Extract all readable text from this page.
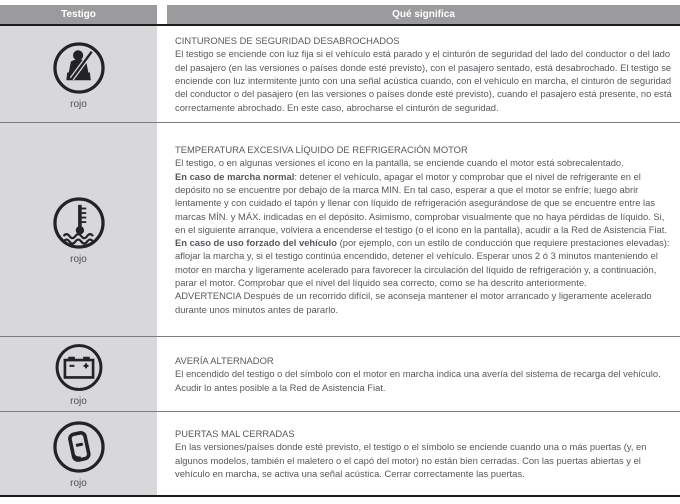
Testigo	Qué significa
rojo
CINTURONES DE SEGURIDAD DESABROCHADOS

El testigo se enciende con luz fija si el vehículo está parado y el cinturón de seguridad del lado del conductor o del lado del pasajero (en las versiones o países donde esté previsto), con el pasajero sentado, está desabrochado. El testigo se enciende con luz intermitente junto con una señal acústica cuando, con el vehículo en marcha, el cinturón de seguridad del conductor o del pasajero (en las versiones o países donde esté previsto), cuando el pasajero está presente, no está correctamente abrochado. En este caso, abrocharse el cinturón de seguridad.

rojo
TEMPERATURA EXCESIVA LÍQUIDO DE REFRIGERACIÓN MOTOR

El testigo, o en algunas versiones el icono en la pantalla, se enciende cuando el motor está sobrecalentado.

En caso de marcha normal: detener el vehículo, apagar el motor y comprobar que el nivel de refrigerante en el depósito no se encuentre por debajo de la marca MIN. En tal caso, esperar a que el motor se enfríe; luego abrir lentamente y con cuidado el tapón y llenar con líquido de refrigeración asegurándose de que se encuentre entre las marcas MÍN. y MÁX. indicadas en el depósito. Asimismo, comprobar visualmente que no haya pérdidas de líquido. Si, en el siguiente arranque, volviera a encenderse el testigo (o el icono en la pantalla), acudir a la Red de Asistencia Fiat.

En caso de uso forzado del vehículo (por ejemplo, con un estilo de conducción que requiere prestaciones elevadas): aflojar la marcha y, si el testigo continúa encendido, detener el vehículo. Esperar unos 2 ó 3 minutos manteniendo el motor en marcha y ligeramente acelerado para favorecer la circulación del líquido de refrigeración y, a continuación, parar el motor. Comprobar que el nivel del líquido sea correcto, como se ha descrito anteriormente.

ADVERTENCIA Después de un recorrido difícil, se aconseja mantener el motor arrancado y ligeramente acelerado durante unos minutos antes de pararlo.

rojo
AVERÍA ALTERNADOR

El encendido del testigo o del símbolo con el motor en marcha indica una avería del sistema de recarga del vehículo. Acudir lo antes posible a la Red de Asistencia Fiat.

rojo
PUERTAS MAL CERRADAS

En las versiones/países donde esté previsto, el testigo o el símbolo se enciende cuando una o más puertas (y, en algunos modelos, también el maletero o el capó del motor) no están bien cerradas. Con las puertas abiertas y el vehículo en marcha, se activa una señal acústica. Cerrar correctamente las puertas.
